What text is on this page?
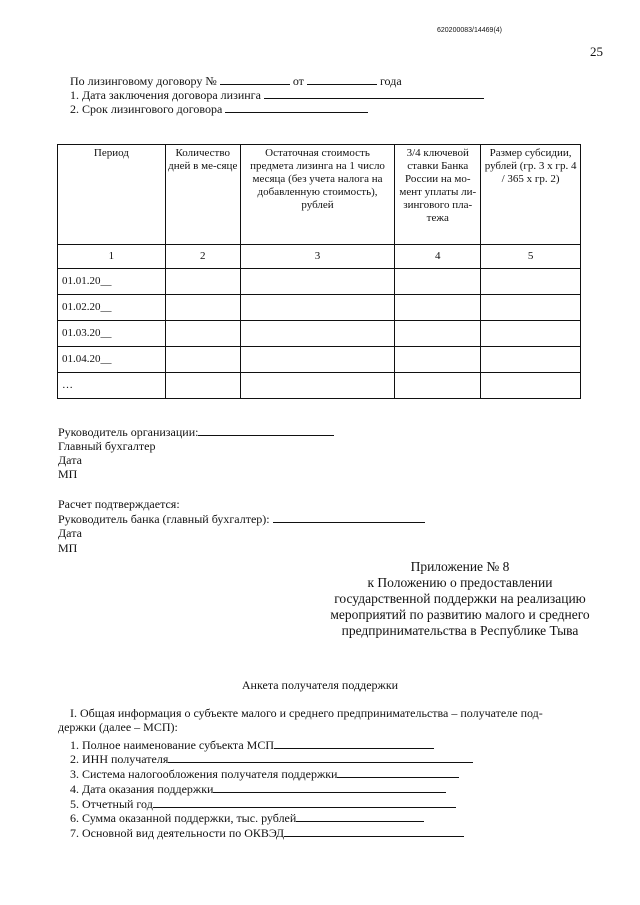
620200083/14469(4)
25
По лизинговому договору №	от	года
1. Дата заключения договора лизинга
2. Срок лизингового договора
Период	Количество дней в ме-сяце	Остаточная стоимость предмета лизинга на 1 число месяца (без учета налога на добавленную стоимость), рублей	3/4 ключевой ставки Банка России на мо-мент уплаты ли-зингового пла-тежа	Размер субсидии, рублей (гр. 3 х гр. 4 / 365 х гр. 2)
1	2	3	4	5
01.01.20__				
01.02.20__				
01.03.20__				
01.04.20__				
…				
Руководитель организации:
Главный бухгалтер
Дата
МП
Расчет подтверждается:
Руководитель банка (главный бухгалтер):
Дата
МП
Приложение № 8
к Положению о предоставлении
государственной поддержки на реализацию
мероприятий по развитию малого и среднего
предпринимательства в Республике Тыва
Анкета получателя поддержки
I. Общая информация о субъекте малого и среднего предпринимательства – получателе под-
держки (далее – МСП):
1. Полное наименование субъекта МСП
2. ИНН получателя
3. Система налогообложения получателя поддержки
4. Дата оказания поддержки
5. Отчетный год
6. Сумма оказанной поддержки, тыс. рублей
7. Основной вид деятельности по ОКВЭД
